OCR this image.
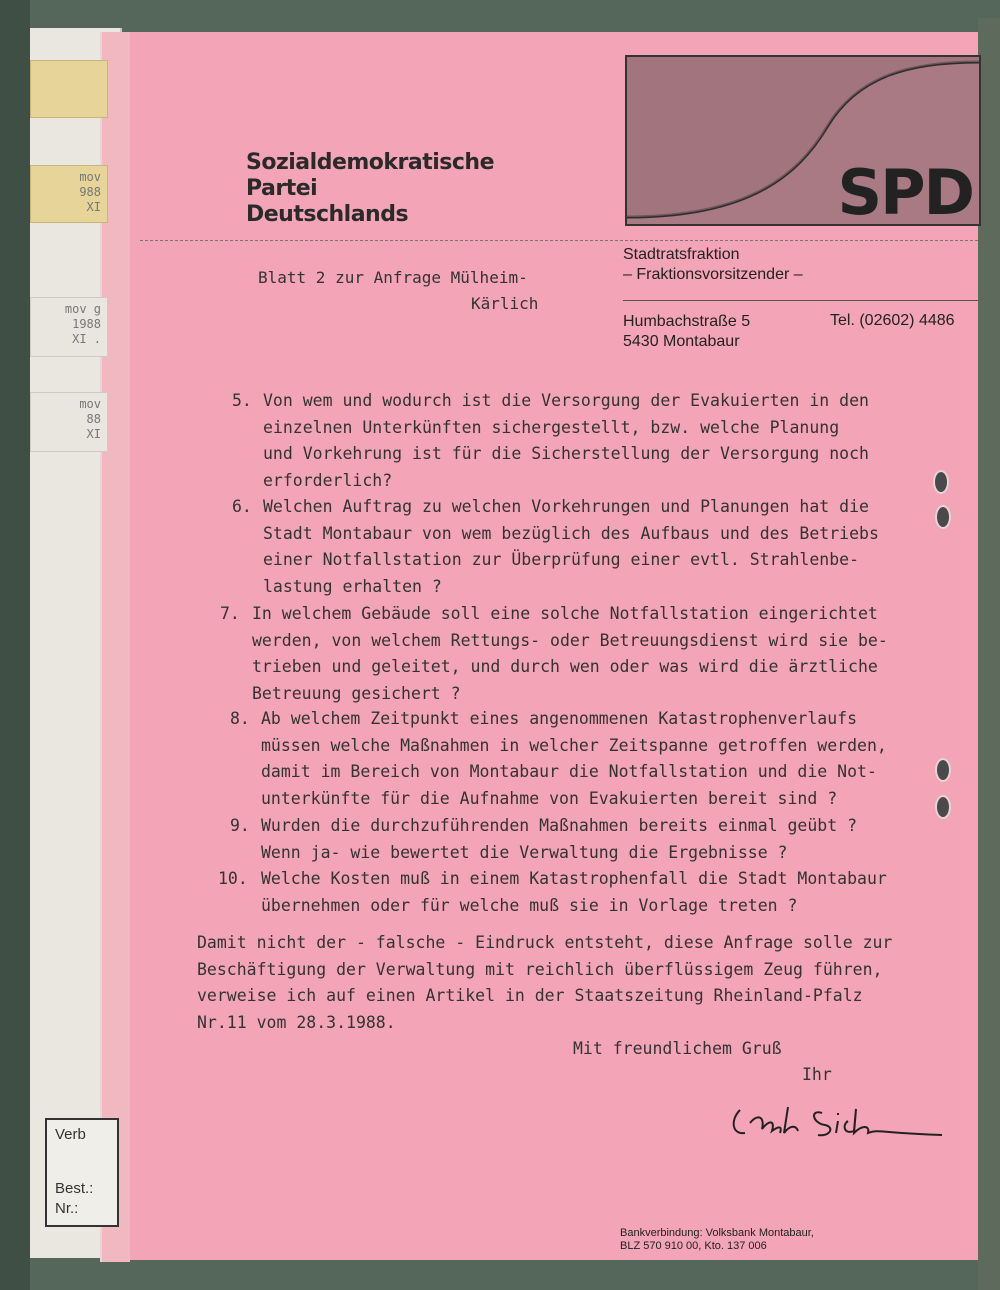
mov
988
XI
mov g
1988
XI .
mov
88
XI
Verb
Best.:
Nr.:
Sozialdemokratische
Partei
Deutschlands	SPD
Blatt 2 zur Anfrage Mülheim-
Kärlich
Stadtratsfraktion
– Fraktionsvorsitzender –
Humbachstraße 5
5430 Montabaur
Tel. (02602) 4486
5. Von wem und wodurch ist die Versorgung der Evakuierten in den
einzelnen Unterkünften sichergestellt, bzw. welche Planung
und Vorkehrung ist für die Sicherstellung der Versorgung noch
erforderlich?
6. Welchen Auftrag zu welchen Vorkehrungen und Planungen hat die
Stadt Montabaur von wem bezüglich des Aufbaus und des Betriebs
einer Notfallstation zur Überprüfung einer evtl. Strahlenbe-
lastung erhalten ?
7. In welchem Gebäude soll eine solche Notfallstation eingerichtet
werden, von welchem Rettungs- oder Betreuungsdienst wird sie be-
trieben und geleitet, und durch wen oder was wird die ärztliche
Betreuung gesichert ?
8. Ab welchem Zeitpunkt eines angenommenen Katastrophenverlaufs
müssen welche Maßnahmen in welcher Zeitspanne getroffen werden,
damit im Bereich von Montabaur die Notfallstation und die Not-
unterkünfte für die Aufnahme von Evakuierten bereit sind ?
9. Wurden die durchzuführenden Maßnahmen bereits einmal geübt ?
Wenn ja- wie bewertet die Verwaltung die Ergebnisse ?
10. Welche Kosten muß in einem Katastrophenfall die Stadt Montabaur
übernehmen oder für welche muß sie in Vorlage treten ?
Damit nicht der - falsche - Eindruck entsteht, diese Anfrage solle zur
Beschäftigung der Verwaltung mit reichlich überflüssigem Zeug führen,
verweise ich auf einen Artikel in der Staatszeitung Rheinland-Pfalz
Nr.11 vom 28.3.1988.
Mit freundlichem Gruß
Ihr
Bankverbindung: Volksbank Montabaur,
BLZ 570 910 00, Kto. 137 006
